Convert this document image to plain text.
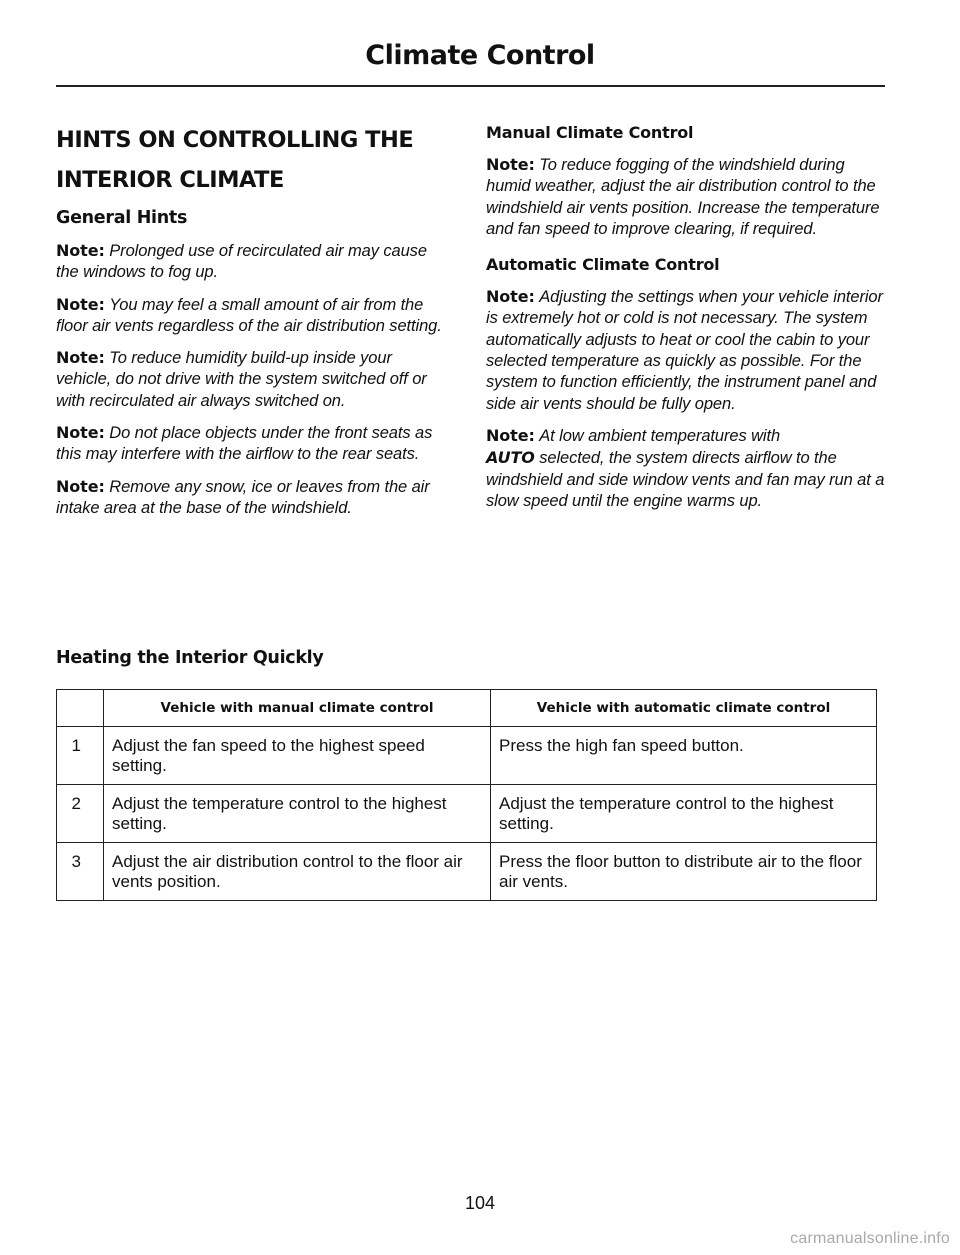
Climate Control
HINTS ON CONTROLLING THE
INTERIOR CLIMATE
General Hints

Note: Prolonged use of recirculated air may cause the windows to fog up.

Note: You may feel a small amount of air from the floor air vents regardless of the air distribution setting.

Note: To reduce humidity build-up inside your vehicle, do not drive with the system switched off or with recirculated air always switched on.

Note: Do not place objects under the front seats as this may interfere with the airflow to the rear seats.

Note: Remove any snow, ice or leaves from the air intake area at the base of the windshield.

Manual Climate Control

Note: To reduce fogging of the windshield during humid weather, adjust the air distribution control to the windshield air vents position. Increase the temperature and fan speed to improve clearing, if required.

Automatic Climate Control

Note: Adjusting the settings when your vehicle interior is extremely hot or cold is not necessary. The system automatically adjusts to heat or cool the cabin to your selected temperature as quickly as possible. For the system to function efficiently, the instrument panel and side air vents should be fully open.

Note: At low ambient temperatures with
AUTO selected, the system directs airflow to the windshield and side window vents and fan may run at a slow speed until the engine warms up.

Heating the Interior Quickly
	Vehicle with manual climate control	Vehicle with automatic climate control
1	Adjust the fan speed to the highest speed setting.	Press the high fan speed button.
2	Adjust the temperature control to the highest setting.	Adjust the temperature control to the highest setting.
3	Adjust the air distribution control to the floor air vents position.	Press the floor button to distribute air to the floor air vents.
104
carmanualsonline.info
